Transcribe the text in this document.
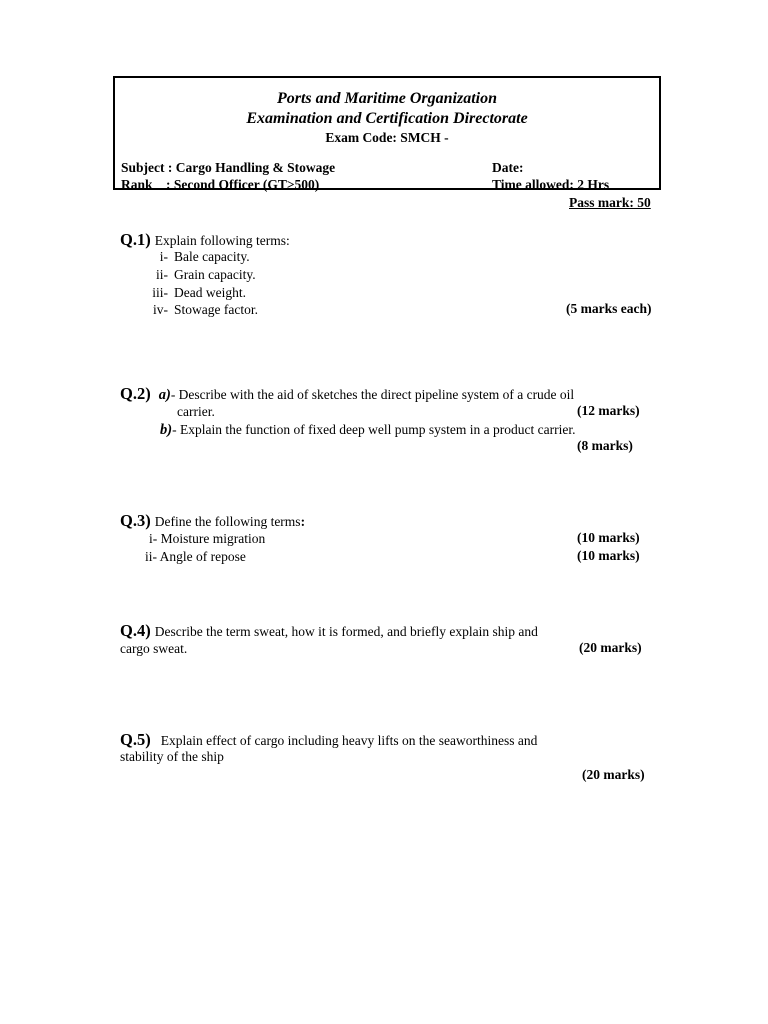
Ports and Maritime Organization
Examination and Certification Directorate
Exam Code: SMCH -
Subject : Cargo Handling & Stowage	Date:
Rank    : Second Officer (GT>500)	Time allowed: 2 Hrs
Pass mark: 50
Q.1) Explain following terms:
i- Bale capacity.
ii- Grain capacity.
iii- Dead weight.
iv- Stowage factor.	(5 marks each)
Q.2) a)- Describe with the aid of sketches the direct pipeline system of a crude oil
carrier.	(12 marks)
b)- Explain the function of fixed deep well pump system in a product carrier.
(8 marks)
Q.3) Define the following terms:
i- Moisture migration	(10 marks)
ii- Angle of repose	(10 marks)
Q.4) Describe the term sweat, how it is formed, and briefly explain ship and
cargo sweat.	(20 marks)
Q.5) Explain effect of cargo including heavy lifts on the seaworthiness and
stability of the ship
(20 marks)
